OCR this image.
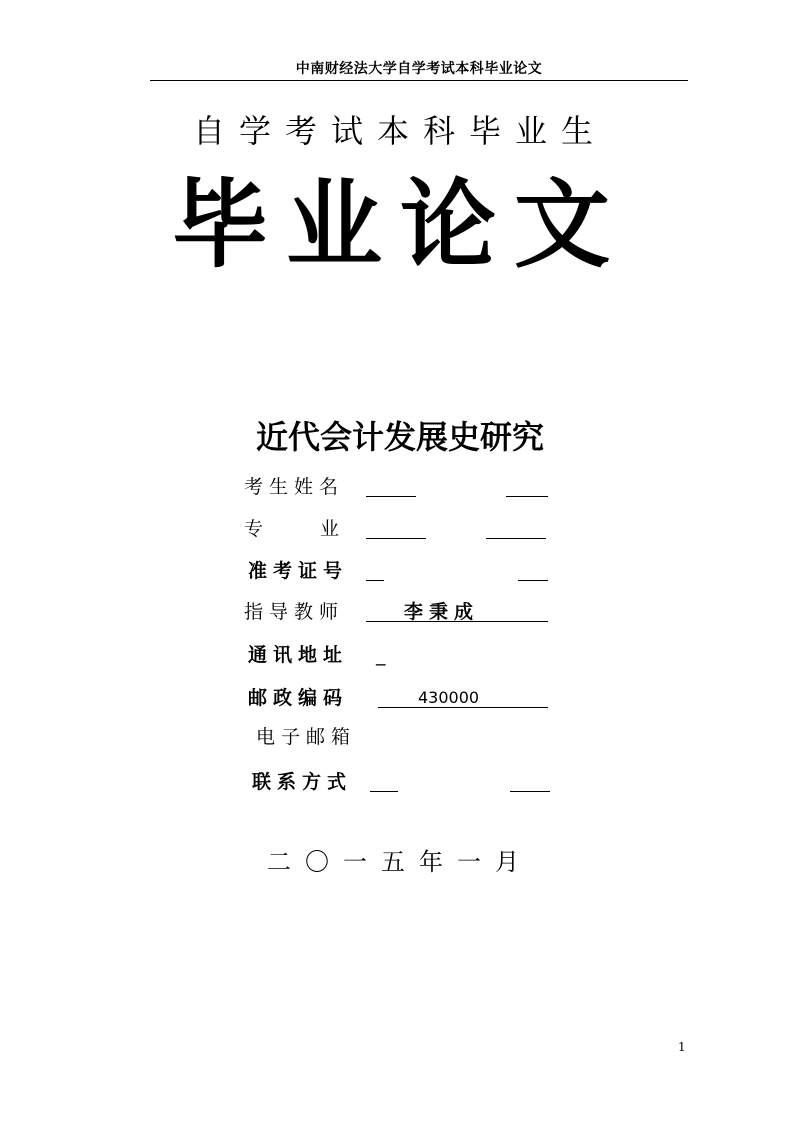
中南财经法大学自学考试本科毕业论文
自学考试本科毕业生
毕业论文
近代会计发展史研究
考生姓名
专　　　业
准考证号
指导教师	李秉成
通讯地址 _
邮政编码	430000
电子邮箱
联系方式
二〇一五年一月
1
